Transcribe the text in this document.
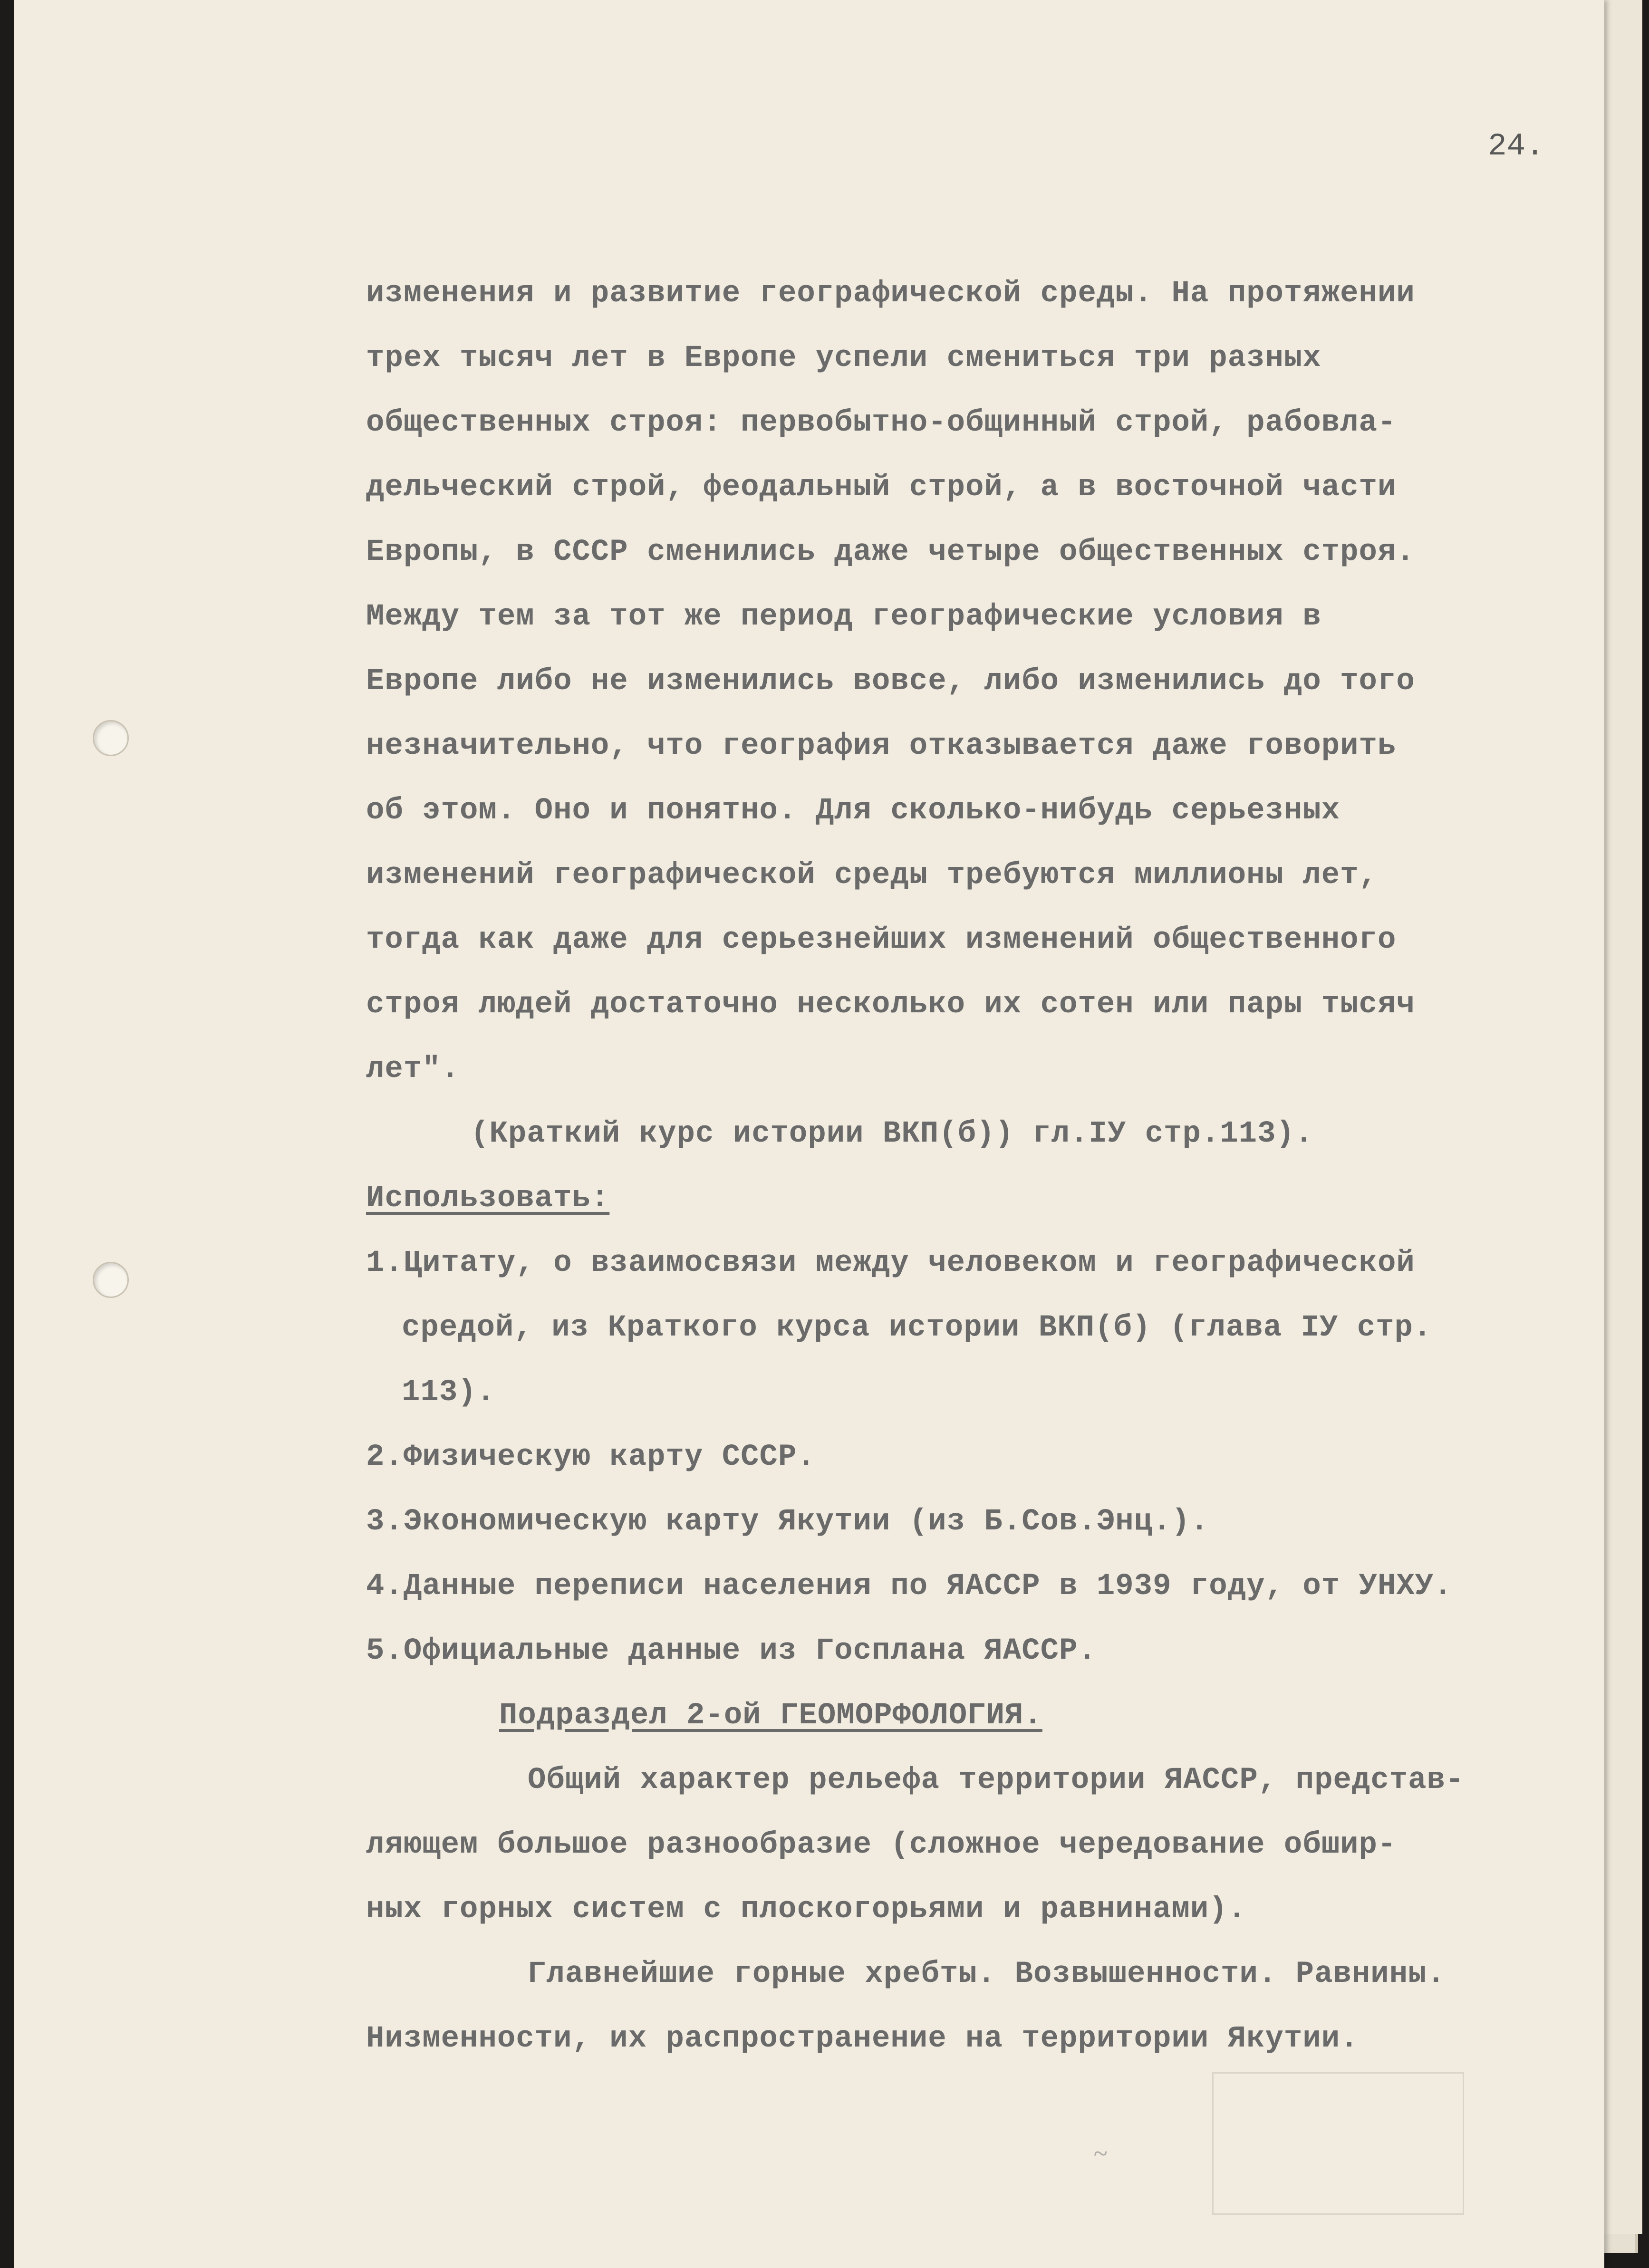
24.
изменения и развитие географической среды. На протяжении
трех тысяч лет в Европе успели смениться три разных
общественных строя: первобытно-общинный строй, рабовла-
дельческий строй, феодальный строй, а в восточной части
Европы, в СССР сменились даже четыре общественных строя.
Между тем за тот же период географические условия в
Европе либо не изменились вовсе, либо изменились до того
незначительно, что география отказывается даже говорить
об этом. Оно и понятно. Для сколько-нибудь серьезных
изменений географической среды требуются миллионы лет,
тогда как даже для серьезнейших изменений общественного
строя людей достаточно несколько их сотен или пары тысяч
лет".
(Краткий курс истории ВКП(б)) гл.IУ стр.113).
Использовать:
1.Цитату, о взаимосвязи между человеком и географической
средой, из Краткого курса истории ВКП(б) (глава IУ стр.
113).
2.Физическую карту СССР.
3.Экономическую карту Якутии (из Б.Сов.Энц.).
4.Данные переписи населения по ЯАССР в 1939 году, от УНХУ.
5.Официальные данные из Госплана ЯАССР.
Подраздел 2-ой ГЕОМОРФОЛОГИЯ.
Общий характер рельефа территории ЯАССР, представ-
ляющем большое разнообразие (сложное чередование обшир-
ных горных систем с плоскогорьями и равнинами).
Главнейшие горные хребты. Возвышенности. Равнины.
Низменности, их распространение на территории Якутии.
~
